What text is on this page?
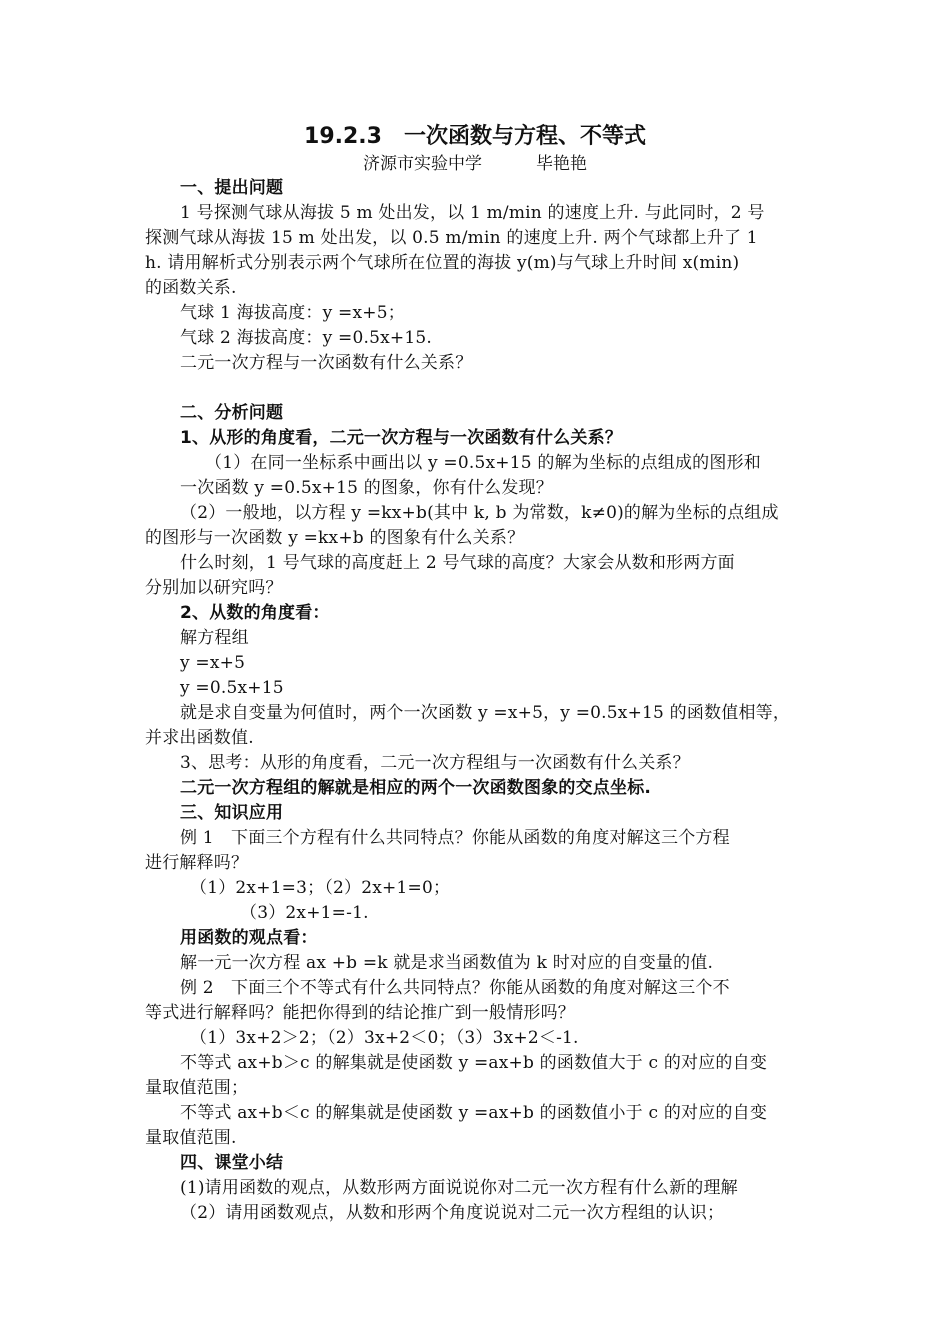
19.2.3　一次函数与方程、不等式
济源市实验中学          毕艳艳
一、提出问题
1 号探测气球从海拔 5 m 处出发，以 1 m/min 的速度上升. 与此同时，2 号
探测气球从海拔 15 m 处出发，以 0.5 m/min 的速度上升. 两个气球都上升了 1
h. 请用解析式分别表示两个气球所在位置的海拔 y(m)与气球上升时间 x(min)
的函数关系.
气球 1 海拔高度：y =x+5；
气球 2 海拔高度：y =0.5x+15.
二元一次方程与一次函数有什么关系？
二、分析问题
1、从形的角度看，二元一次方程与一次函数有什么关系？
（1）在同一坐标系中画出以 y =0.5x+15 的解为坐标的点组成的图形和
一次函数 y =0.5x+15 的图象，你有什么发现？
（2）一般地，以方程 y =kx+b(其中 k, b 为常数，k≠0)的解为坐标的点组成
的图形与一次函数 y =kx+b 的图象有什么关系？
什么时刻，1 号气球的高度赶上 2 号气球的高度？大家会从数和形两方面
分别加以研究吗？
2、从数的角度看：
解方程组
y =x+5
y =0.5x+15
就是求自变量为何值时，两个一次函数 y =x+5，y =0.5x+15 的函数值相等，
并求出函数值.
3、思考：从形的角度看，二元一次方程组与一次函数有什么关系？
二元一次方程组的解就是相应的两个一次函数图象的交点坐标.
三、知识应用
例 1　下面三个方程有什么共同特点？你能从函数的角度对解这三个方程
进行解释吗？
（1）2x+1=3；（2）2x+1=0；
（3）2x+1=-1.
用函数的观点看：
解一元一次方程 ax +b =k 就是求当函数值为 k 时对应的自变量的值.
例 2　下面三个不等式有什么共同特点？你能从函数的角度对解这三个不
等式进行解释吗？能把你得到的结论推广到一般情形吗？
（1）3x+2＞2；（2）3x+2＜0；（3）3x+2＜-1.
不等式 ax+b＞c 的解集就是使函数 y =ax+b 的函数值大于 c 的对应的自变
量取值范围；
不等式 ax+b＜c 的解集就是使函数 y =ax+b 的函数值小于 c 的对应的自变
量取值范围.
四、课堂小结
(1)请用函数的观点，从数形两方面说说你对二元一次方程有什么新的理解
（2）请用函数观点，从数和形两个角度说说对二元一次方程组的认识；
